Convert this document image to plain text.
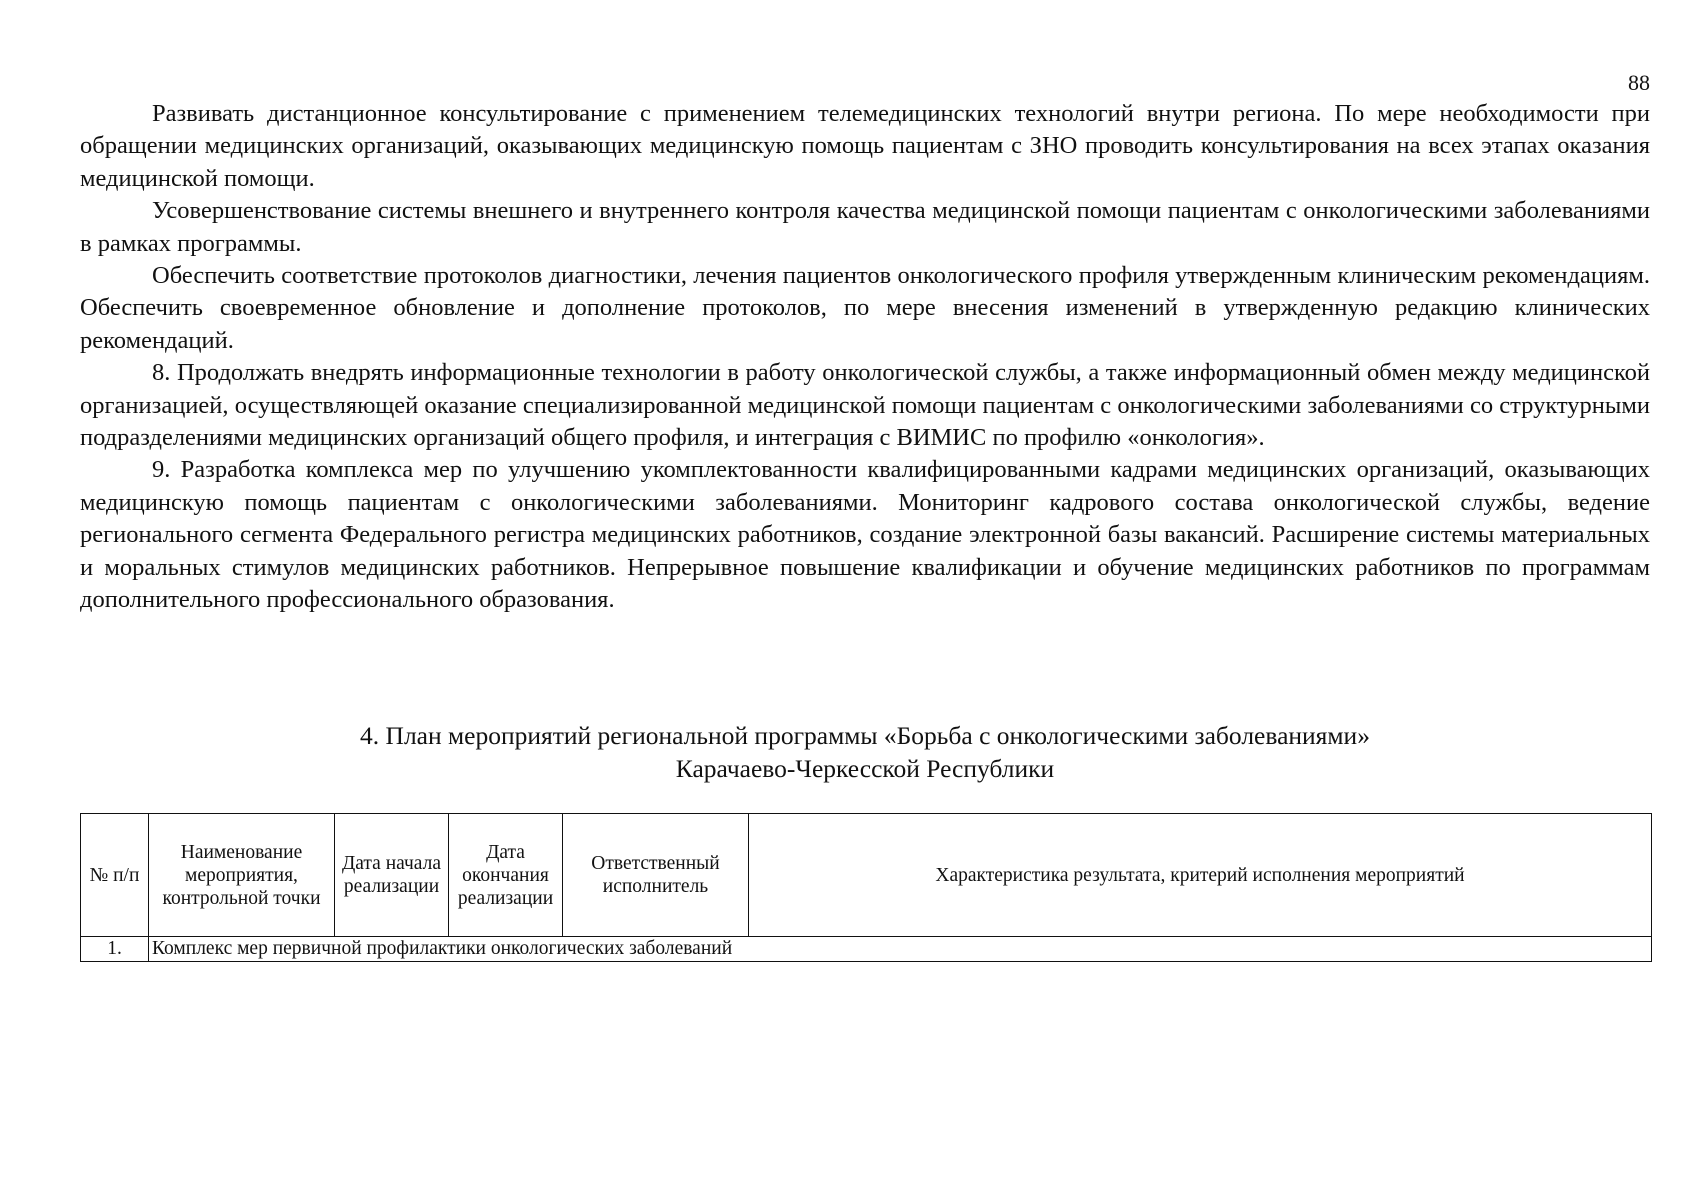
88

Развивать дистанционное консультирование с применением телемедицинских технологий внутри региона. По мере необходимости при обращении медицинских организаций, оказывающих медицинскую помощь пациентам с ЗНО проводить консультирования на всех этапах оказания медицинской помощи.

Усовершенствование системы внешнего и внутреннего контроля качества медицинской помощи пациентам с онкологическими заболеваниями в рамках программы.

Обеспечить соответствие протоколов диагностики, лечения пациентов онкологического профиля утвержденным клиническим рекомендациям. Обеспечить своевременное обновление и дополнение протоколов, по мере внесения изменений в утвержденную редакцию клинических рекомендаций.

8. Продолжать внедрять информационные технологии в работу онкологической службы, а также информационный обмен между медицинской организацией, осуществляющей оказание специализированной медицинской помощи пациентам с онкологическими заболеваниями со структурными подразделениями медицинских организаций общего профиля, и интеграция с ВИМИС по профилю «онкология».

9. Разработка комплекса мер по улучшению укомплектованности квалифицированными кадрами медицинских организаций, оказывающих медицинскую помощь пациентам с онкологическими заболеваниями. Мониторинг кадрового состава онкологической службы, ведение регионального сегмента Федерального регистра медицинских работников, создание электронной базы вакансий. Расширение системы материальных и моральных стимулов медицинских работников. Непрерывное повышение квалификации и обучение медицинских работников по программам дополнительного профессионального образования.

4. План мероприятий региональной программы «Борьба с онкологическими заболеваниями»
Карачаево-Черкесской Республики
№ п/п	Наименование мероприятия, контрольной точки	Дата начала реализации	Дата окончания реализации	Ответственный исполнитель	Характеристика результата, критерий исполнения мероприятий
1.	Комплекс мер первичной профилактики онкологических заболеваний				
